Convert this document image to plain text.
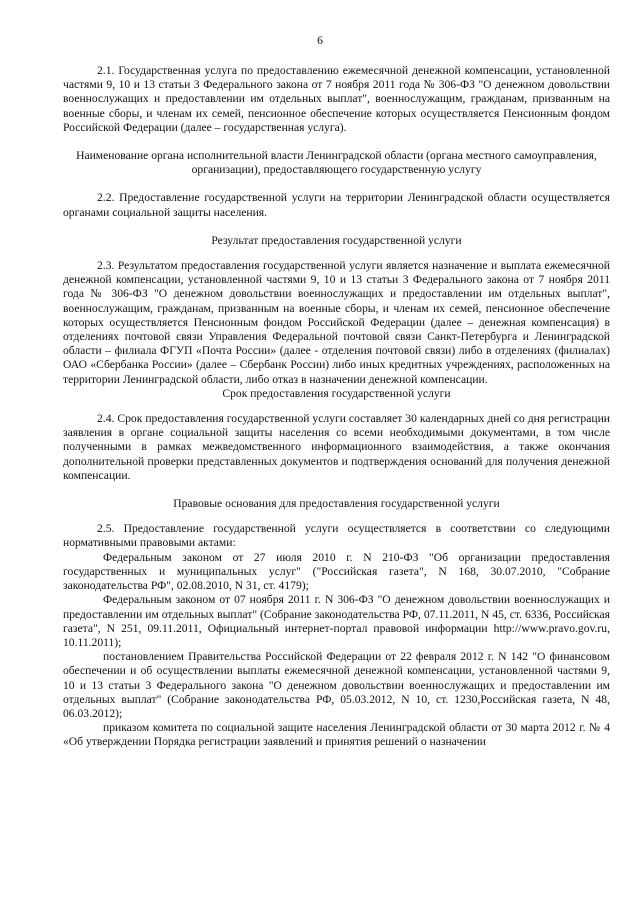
6

2.1. Государственная услуга по предоставлению ежемесячной денежной компенсации, установленной частями 9, 10 и 13 статьи 3 Федерального закона от 7 ноября 2011 года № 306-ФЗ "О денежном довольствии военнослужащих и предоставлении им отдельных выплат", военнослужащим, гражданам, призванным на военные сборы, и членам их семей, пенсионное обеспечение которых осуществляется Пенсионным фондом Российской Федерации (далее – государственная услуга).

Наименование органа исполнительной власти Ленинградской области (органа местного самоуправления, организации), предоставляющего государственную услугу

2.2. Предоставление государственной услуги на территории Ленинградской области осуществляется органами социальной защиты населения.

Результат предоставления государственной услуги

2.3. Результатом предоставления государственной услуги является назначение и выплата ежемесячной денежной компенсации, установленной частями 9, 10 и 13 статьи 3 Федерального закона от 7 ноября 2011 года № 306-ФЗ "О денежном довольствии военнослужащих и предоставлении им отдельных выплат", военнослужащим, гражданам, призванным на военные сборы, и членам их семей, пенсионное обеспечение которых осуществляется Пенсионным фондом Российской Федерации (далее – денежная компенсация) в отделениях почтовой связи Управления Федеральной почтовой связи Санкт-Петербурга и Ленинградской области – филиала ФГУП «Почта России» (далее - отделения почтовой связи) либо в отделениях (филиалах) ОАО «Сбербанка России» (далее – Сбербанк России) либо иных кредитных учреждениях, расположенных на территории Ленинградской области, либо отказ в назначении денежной компенсации.

Срок предоставления государственной услуги

2.4. Срок предоставления государственной услуги составляет 30 календарных дней со дня регистрации заявления в органе социальной защиты населения со всеми необходимыми документами, в том числе полученными в рамках межведомственного информационного взаимодействия, а также окончания дополнительной проверки представленных документов и подтверждения оснований для получения денежной компенсации.

Правовые основания для предоставления государственной услуги

2.5. Предоставление государственной услуги осуществляется в соответствии со следующими нормативными правовыми актами:

Федеральным законом от 27 июля 2010 г. N 210-ФЗ "Об организации предоставления государственных и муниципальных услуг" ("Российская газета", N 168, 30.07.2010, "Собрание законодательства РФ", 02.08.2010, N 31, ст. 4179);

Федеральным законом от 07 ноября 2011 г. N 306-ФЗ "О денежном довольствии военнослужащих и предоставлении им отдельных выплат" (Собрание законодательства РФ, 07.11.2011, N 45, ст. 6336, Российская газета", N 251, 09.11.2011, Официальный интернет-портал правовой информации http://www.pravo.gov.ru, 10.11.2011);

постановлением Правительства Российской Федерации от 22 февраля 2012 г. N 142 "О финансовом обеспечении и об осуществлении выплаты ежемесячной денежной компенсации, установленной частями 9, 10 и 13 статьи 3 Федерального закона "О денежном довольствии военнослужащих и предоставлении им отдельных выплат" (Собрание законодательства РФ, 05.03.2012, N 10, ст. 1230,Российская газета, N 48, 06.03.2012);

приказом комитета по социальной защите населения Ленинградской области от 30 марта 2012 г. № 4 «Об утверждении Порядка регистрации заявлений и принятия решений о назначении
